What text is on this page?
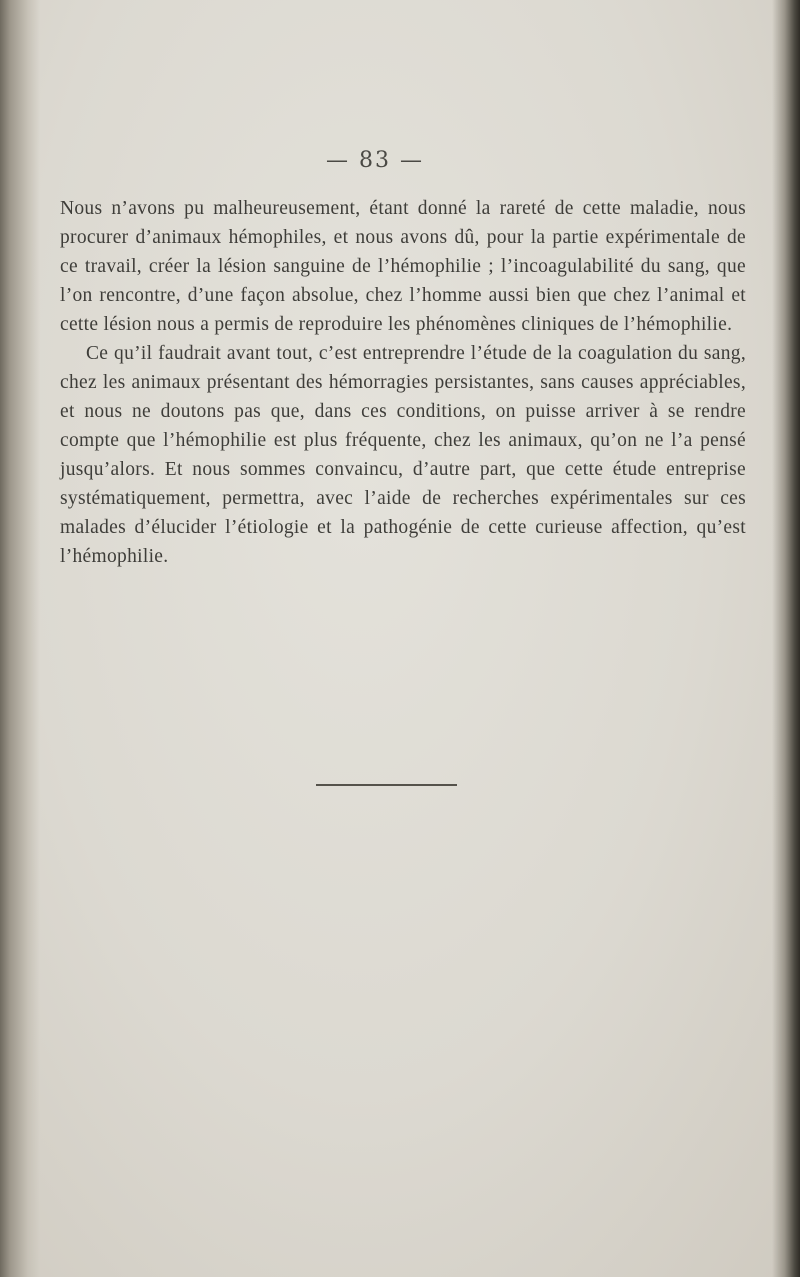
— 83 —

Nous n’avons pu malheureusement, étant donné la rareté de cette maladie, nous procurer d’animaux hémophiles, et nous avons dû, pour la partie expérimentale de ce travail, créer la lésion sanguine de l’hémophilie ; l’incoagulabilité du sang, que l’on rencontre, d’une façon absolue, chez l’homme aussi bien que chez l’animal et cette lésion nous a permis de reproduire les phénomènes cliniques de l’hémophilie.

Ce qu’il faudrait avant tout, c’est entreprendre l’étude de la coagulation du sang, chez les animaux présentant des hémorragies persistantes, sans causes appréciables, et nous ne doutons pas que, dans ces conditions, on puisse arriver à se rendre compte que l’hémophilie est plus fréquente, chez les animaux, qu’on ne l’a pensé jusqu’alors. Et nous sommes convaincu, d’autre part, que cette étude entreprise systématiquement, permettra, avec l’aide de recherches expérimentales sur ces malades d’élucider l’étiologie et la pathogénie de cette curieuse affection, qu’est l’hémophilie.
